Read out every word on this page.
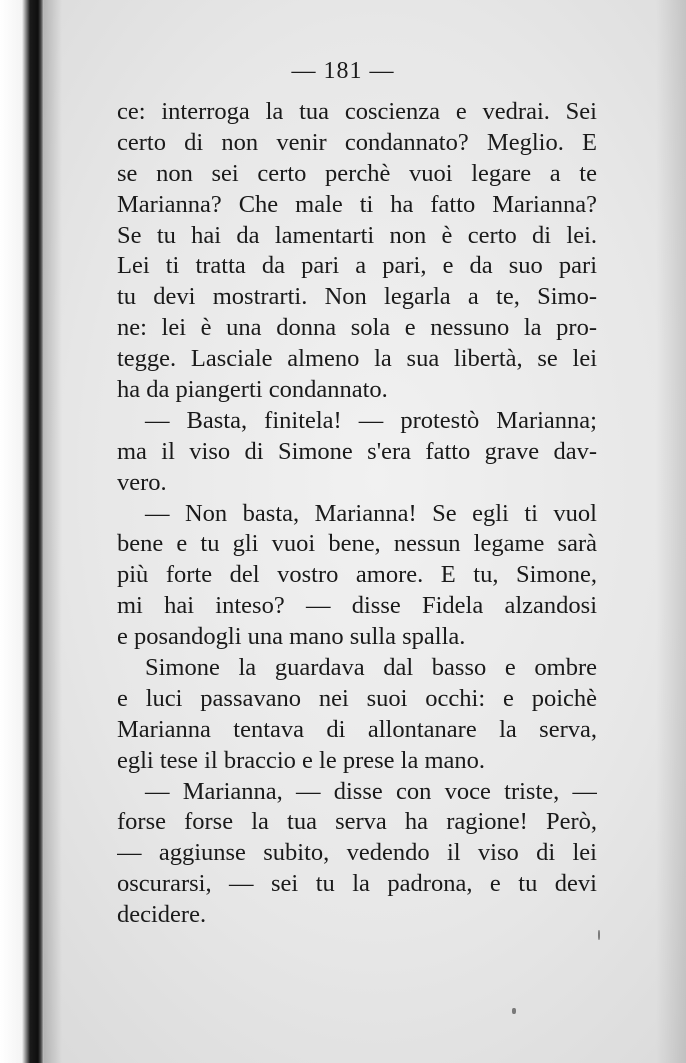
— 181 —
ce: interroga la tua coscienza e vedrai. Sei
certo di non venir condannato? Meglio. E
se non sei certo perchè vuoi legare a te
Marianna? Che male ti ha fatto Marianna?
Se tu hai da lamentarti non è certo di lei.
Lei ti tratta da pari a pari, e da suo pari
tu devi mostrarti. Non legarla a te, Simo-
ne: lei è una donna sola e nessuno la pro-
tegge. Lasciale almeno la sua libertà, se lei
ha da piangerti condannato.
— Basta, finitela! — protestò Marianna;
ma il viso di Simone s'era fatto grave dav-
vero.
— Non basta, Marianna! Se egli ti vuol
bene e tu gli vuoi bene, nessun legame sarà
più forte del vostro amore. E tu, Simone,
mi hai inteso? — disse Fidela alzandosi
e posandogli una mano sulla spalla.
Simone la guardava dal basso e ombre
e luci passavano nei suoi occhi: e poichè
Marianna tentava di allontanare la serva,
egli tese il braccio e le prese la mano.
— Marianna, — disse con voce triste, —
forse forse la tua serva ha ragione! Però,
— aggiunse subito, vedendo il viso di lei
oscurarsi, — sei tu la padrona, e tu devi
decidere.
